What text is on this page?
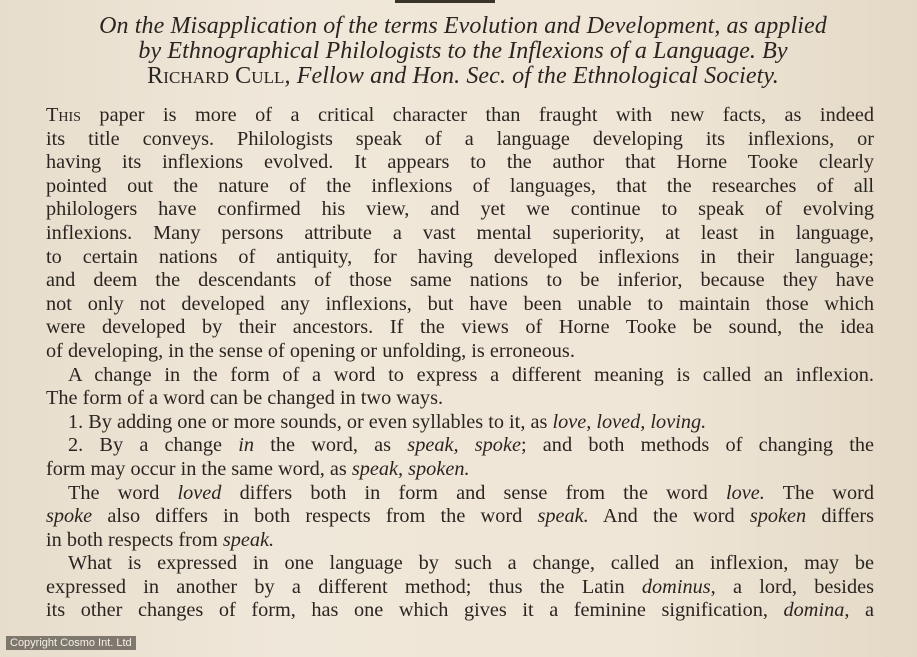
On the Misapplication of the terms Evolution and Development, as applied
by Ethnographical Philologists to the Inflexions of a Language. By
Richard Cull, Fellow and Hon. Sec. of the Ethnological Society.
This paper is more of a critical character than fraught with new facts, as indeed
its title conveys. Philologists speak of a language developing its inflexions, or
having its inflexions evolved. It appears to the author that Horne Tooke clearly
pointed out the nature of the inflexions of languages, that the researches of all
philologers have confirmed his view, and yet we continue to speak of evolving
inflexions. Many persons attribute a vast mental superiority, at least in language,
to certain nations of antiquity, for having developed inflexions in their language;
and deem the descendants of those same nations to be inferior, because they have
not only not developed any inflexions, but have been unable to maintain those which
were developed by their ancestors. If the views of Horne Tooke be sound, the idea
of developing, in the sense of opening or unfolding, is erroneous.
A change in the form of a word to express a different meaning is called an inflexion.
The form of a word can be changed in two ways.
1. By adding one or more sounds, or even syllables to it, as love, loved, loving.
2. By a change in the word, as speak, spoke; and both methods of changing the
form may occur in the same word, as speak, spoken.
The word loved differs both in form and sense from the word love. The word
spoke also differs in both respects from the word speak. And the word spoken differs
in both respects from speak.
What is expressed in one language by such a change, called an inflexion, may be
expressed in another by a different method; thus the Latin dominus, a lord, besides
its other changes of form, has one which gives it a feminine signification, domina, a
Copyright Cosmo Int. Ltd
